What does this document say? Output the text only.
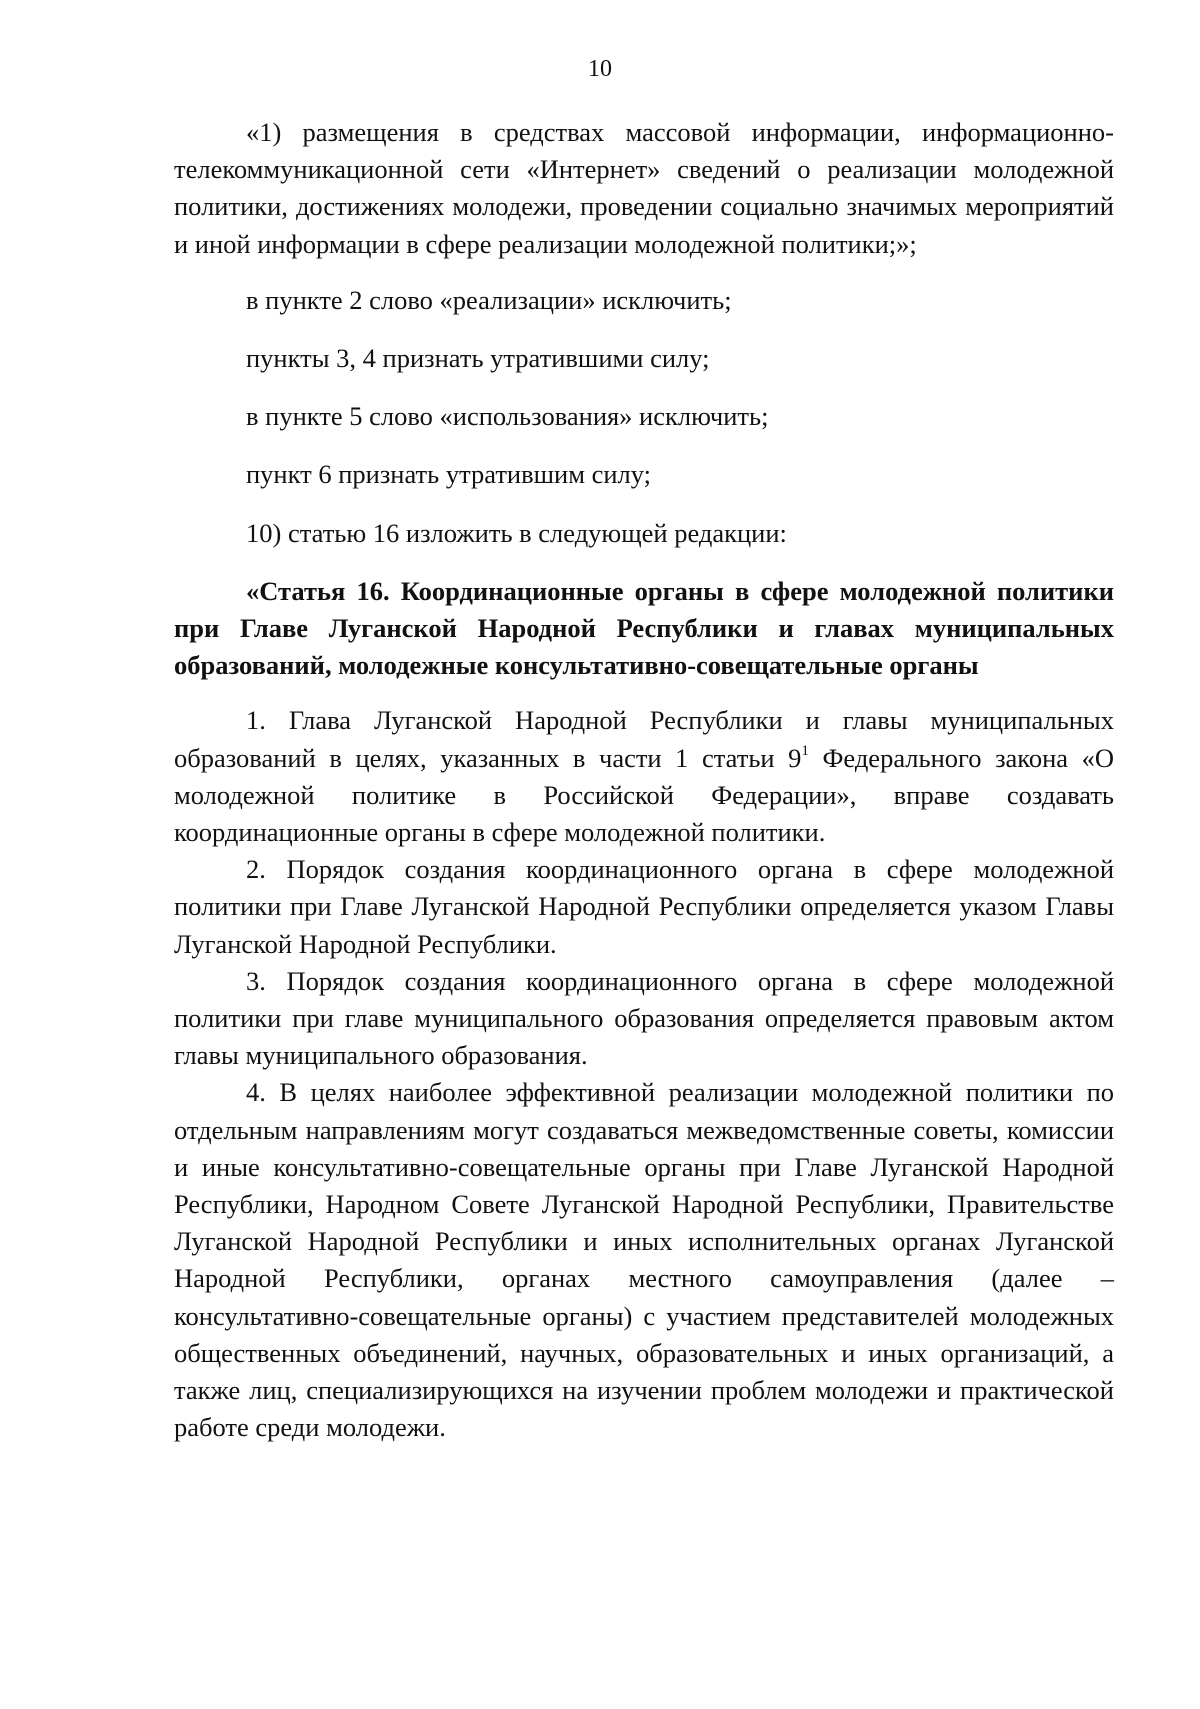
10

«1) размещения в средствах массовой информации, информационно-телекоммуникационной сети «Интернет» сведений о реализации молодежной политики, достижениях молодежи, проведении социально значимых мероприятий и иной информации в сфере реализации молодежной политики;»;

в пункте 2 слово «реализации» исключить;

пункты 3, 4 признать утратившими силу;

в пункте 5 слово «использования» исключить;

пункт 6 признать утратившим силу;

10) статью 16 изложить в следующей редакции:

«Статья 16. Координационные органы в сфере молодежной политики при Главе Луганской Народной Республики и главах муниципальных образований, молодежные консультативно-совещательные органы

1. Глава Луганской Народной Республики и главы муниципальных образований в целях, указанных в части 1 статьи $9^1$ Федерального закона «О молодежной политике в Российской Федерации», вправе создавать координационные органы в сфере молодежной политики.

2. Порядок создания координационного органа в сфере молодежной политики при Главе Луганской Народной Республики определяется указом Главы Луганской Народной Республики.

3. Порядок создания координационного органа в сфере молодежной политики при главе муниципального образования определяется правовым актом главы муниципального образования.

4. В целях наиболее эффективной реализации молодежной политики по отдельным направлениям могут создаваться межведомственные советы, комиссии и иные консультативно-совещательные органы при Главе Луганской Народной Республики, Народном Совете Луганской Народной Республики, Правительстве Луганской Народной Республики и иных исполнительных органах Луганской Народной Республики, органах местного самоуправления (далее – консультативно-совещательные органы) с участием представителей молодежных общественных объединений, научных, образовательных и иных организаций, а также лиц, специализирующихся на изучении проблем молодежи и практической работе среди молодежи.
